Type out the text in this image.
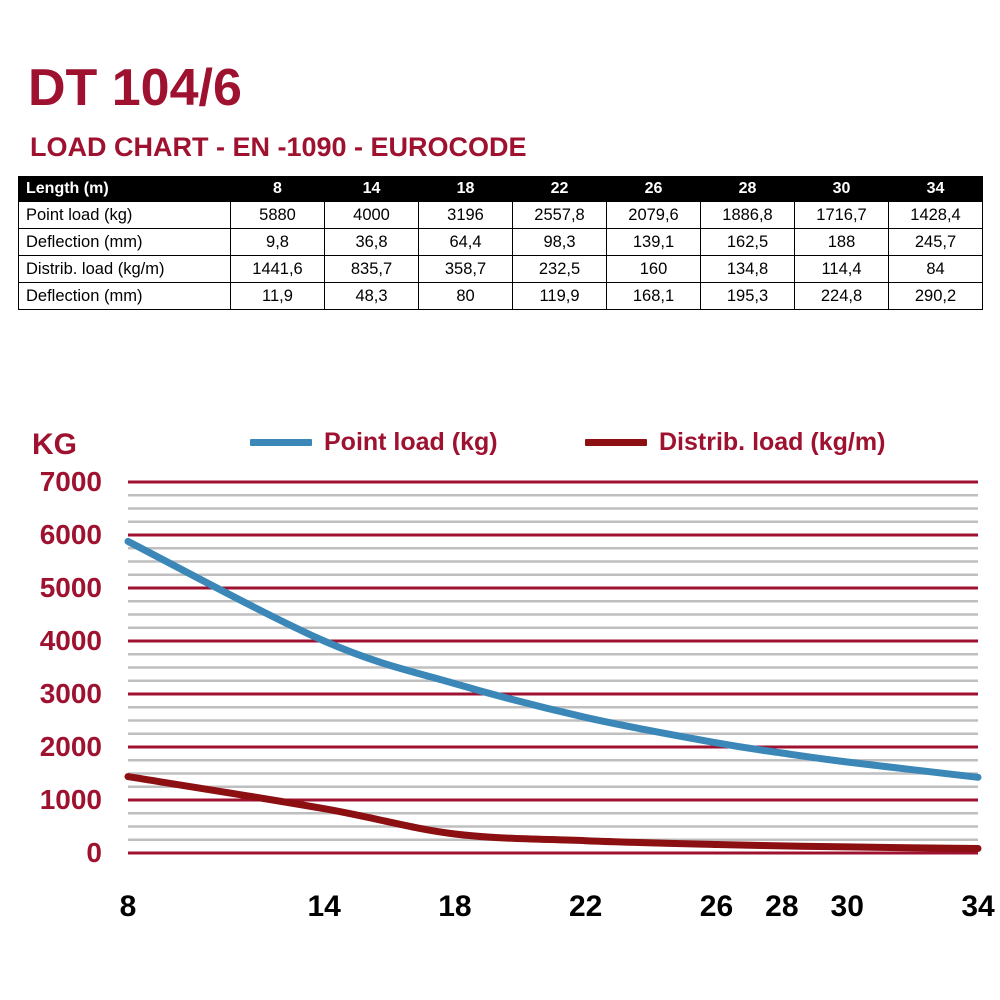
DT 104/6
LOAD CHART - EN -1090 - EUROCODE
Length (m)	8	14	18	22	26	28	30	34
Point load (kg)	5880	4000	3196	2557,8	2079,6	1886,8	1716,7	1428,4
Deflection (mm)	9,8	36,8	64,4	98,3	139,1	162,5	188	245,7
Distrib. load (kg/m)	1441,6	835,7	358,7	232,5	160	134,8	114,4	84
Deflection (mm)	11,9	48,3	80	119,9	168,1	195,3	224,8	290,2
KG	Point load (kg)	Distrib. load (kg/m)
0
1000
2000
3000
4000
5000
6000
7000
8	14	18	22	26 28 30	34
